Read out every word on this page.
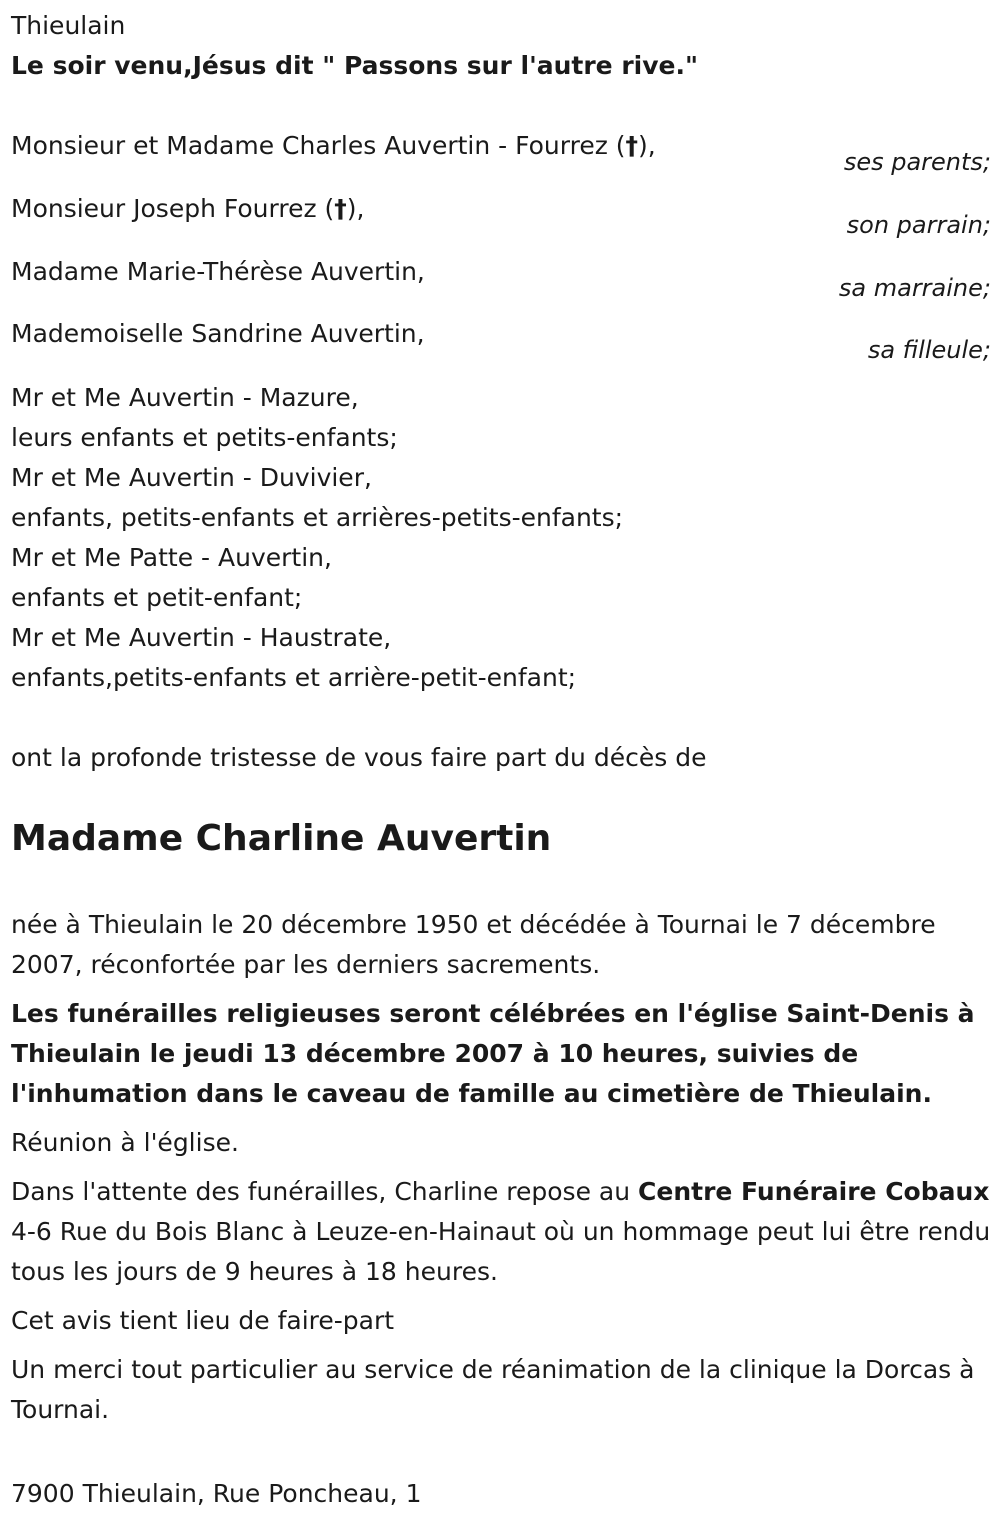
Thieulain

Le soir venu,Jésus dit " Passons sur l'autre rive."

Monsieur et Madame Charles Auvertin - Fourrez (†),
ses parents;
Monsieur Joseph Fourrez (†),
son parrain;
Madame Marie-Thérèse Auvertin,
sa marraine;
Mademoiselle Sandrine Auvertin,
sa filleule;

Mr et Me Auvertin - Mazure,

leurs enfants et petits-enfants;

Mr et Me Auvertin - Duvivier,

enfants, petits-enfants et arrières-petits-enfants;

Mr et Me Patte - Auvertin,

enfants et petit-enfant;

Mr et Me Auvertin - Haustrate,

enfants,petits-enfants et arrière-petit-enfant;

ont la profonde tristesse de vous faire part du décès de

Madame Charline Auvertin

née à Thieulain le 20 décembre 1950 et décédée à Tournai le 7 décembre 2007, réconfortée par les derniers sacrements.

Les funérailles religieuses seront célébrées en l'église Saint-Denis à Thieulain le jeudi 13 décembre 2007 à 10 heures, suivies de l'inhumation dans le caveau de famille au cimetière de Thieulain.

Réunion à l'église.

Dans l'attente des funérailles, Charline repose au Centre Funéraire Cobaux 4-6 Rue du Bois Blanc à Leuze-en-Hainaut où un hommage peut lui être rendu tous les jours de 9 heures à 18 heures.

Cet avis tient lieu de faire-part

Un merci tout particulier au service de réanimation de la clinique la Dorcas à Tournai.

7900 Thieulain, Rue Poncheau, 1
